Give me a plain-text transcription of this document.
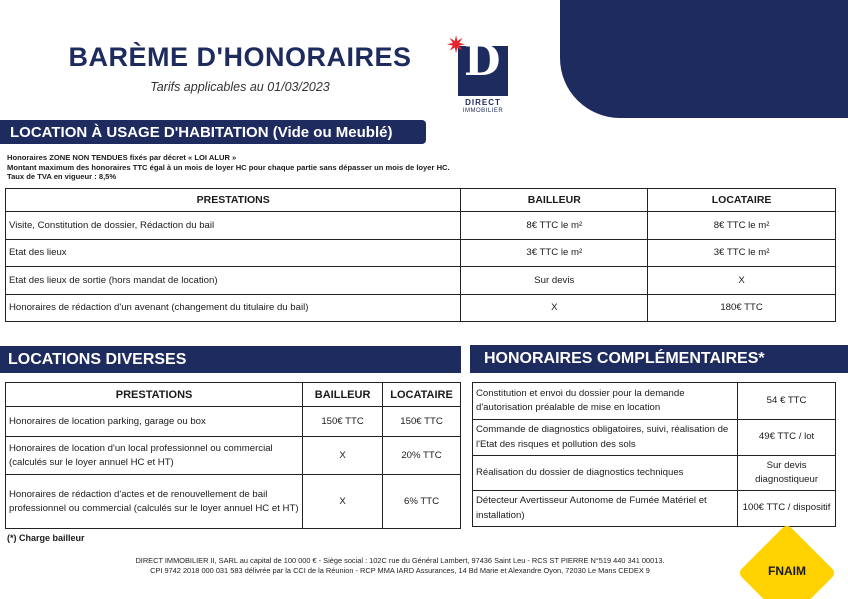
BARÈME D'HONORAIRES
Tarifs applicables au 01/03/2023
D
✷
DIRECT
IMMOBILIER
LOCATION À USAGE D'HABITATION (Vide ou Meublé)
Honoraires ZONE NON TENDUES fixés par décret « LOI ALUR »
Montant maximum des honoraires TTC égal à un mois de loyer HC pour chaque partie sans dépasser un mois de loyer HC.
Taux de TVA en vigueur : 8,5%
PRESTATIONS	BAILLEUR	LOCATAIRE
Visite, Constitution de dossier, Rédaction du bail	8€ TTC le m²	8€ TTC le m²
Etat des lieux	3€ TTC le m²	3€ TTC le m²
Etat des lieux de sortie (hors mandat de location)	Sur devis	X
Honoraires de rédaction d'un avenant (changement du titulaire du bail)	X	180€ TTC
LOCATIONS DIVERSES	HONORAIRES COMPLÉMENTAIRES*
PRESTATIONS	BAILLEUR	LOCATAIRE
Honoraires de location parking, garage ou box	150€ TTC	150€ TTC
Honoraires de location d'un local professionnel ou commercial (calculés sur le loyer annuel HC et HT)	X	20% TTC
Honoraires de rédaction d'actes et de renouvellement de bail professionnel ou commercial (calculés sur le loyer annuel HC et HT)	X	6% TTC
Constitution et envoi du dossier pour la demande d'autorisation préalable de mise en location	54 € TTC
Commande de diagnostics obligatoires, suivi, réalisation de l'Etat des risques et pollution des sols	49€ TTC / lot
Réalisation du dossier de diagnostics techniques	Sur devis diagnostiqueur
Détecteur Avertisseur Autonome de Fumée Matériel et installation)	100€ TTC / dispositif
(*) Charge bailleur
DIRECT IMMOBILIER II, SARL au capital de 100 000 € - Siège social : 102C rue du Général Lambert, 97436 Saint Leu - RCS ST PIERRE N°519 440 341 00013.
CPI 9742 2018 000 031 583 délivrée par la CCI de la Réunion - RCP MMA IARD Assurances, 14 Bd Marie et Alexandre Oyon, 72030 Le Mans CEDEX 9	FNAIM
